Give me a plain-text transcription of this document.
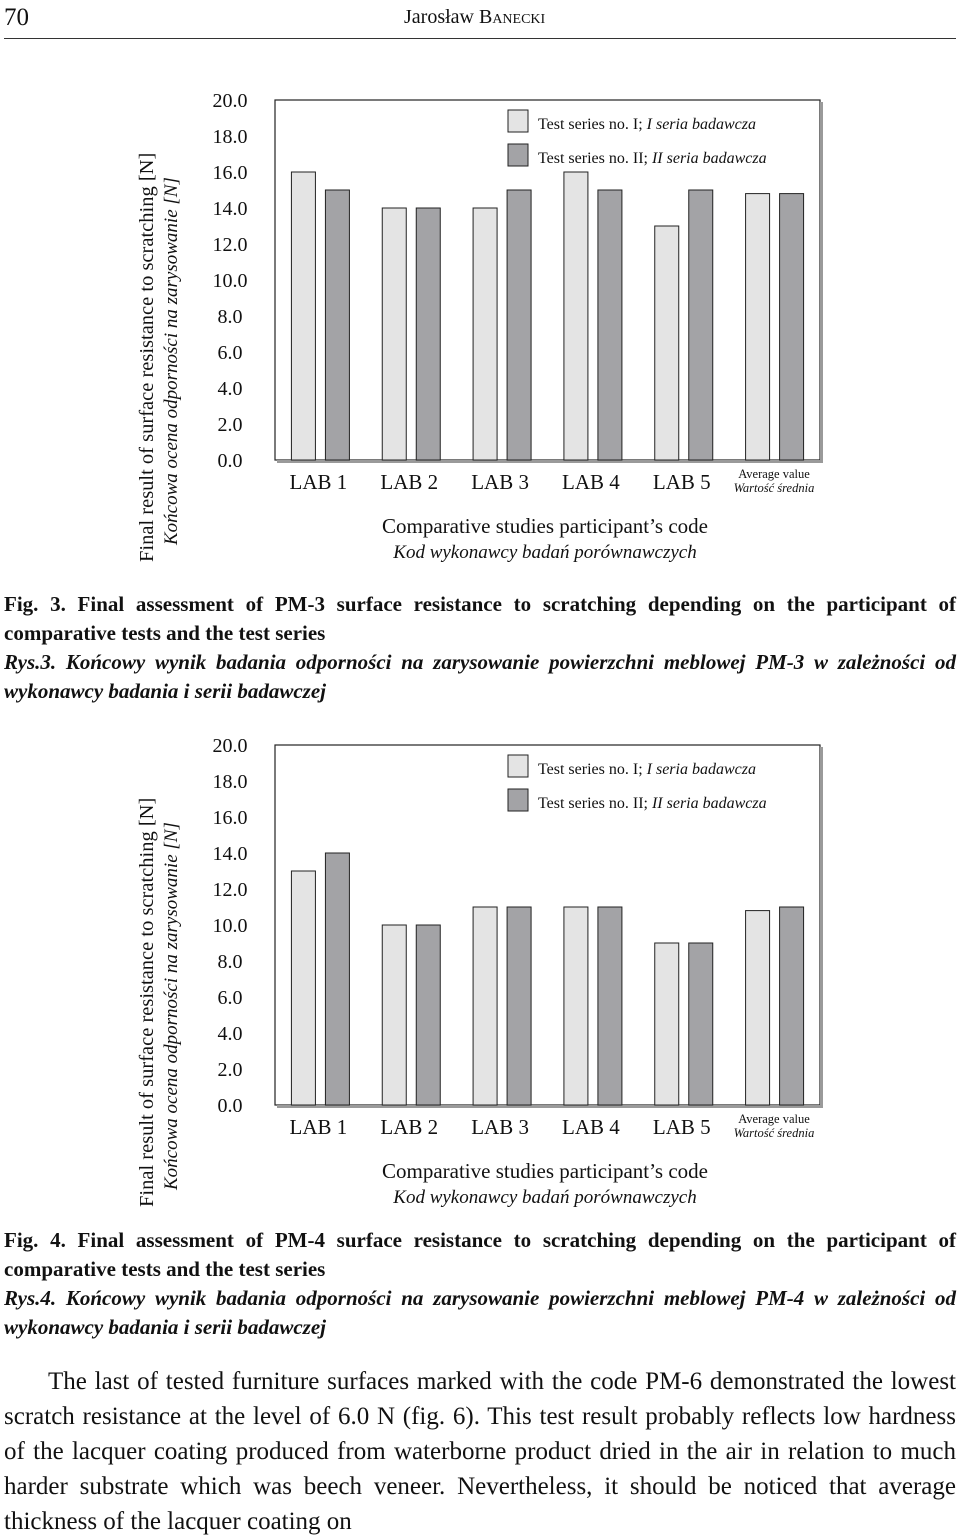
70	Jarosław Banecki
Final result of surface resistance to scratching [N] Końcowa ocena odporności na zarysowanie [N] 0.0
2.0
4.0
6.0
8.0
10.0
12.0
14.0
16.0
18.0
20.0
Test series no. I; I seria badawcza
Test series no. II; II seria badawcza
LAB 1 LAB 2 LAB 3 LAB 4 LAB 5 Average value
Wartość średnia
Comparative studies participant’s code
Kod wykonawcy badań porównawczych
Fig. 3. Final assessment of PM-3 surface resistance to scratching depending on the participant of comparative tests and the test series
Rys.3. Końcowy wynik badania odporności na zarysowanie powierzchni meblowej PM-3 w zależności od wykonawcy badania i serii badawczej
Final result of surface resistance to scratching [N] Końcowa ocena odporności na zarysowanie [N] 0.0
2.0
4.0
6.0
8.0
10.0
12.0
14.0
16.0
18.0
20.0
Test series no. I; I seria badawcza
Test series no. II; II seria badawcza
LAB 1 LAB 2 LAB 3 LAB 4 LAB 5 Average value
Wartość średnia
Comparative studies participant’s code
Kod wykonawcy badań porównawczych
Fig. 4. Final assessment of PM-4 surface resistance to scratching depending on the participant of comparative tests and the test series
Rys.4. Końcowy wynik badania odporności na zarysowanie powierzchni meblowej PM-4 w zależności od wykonawcy badania i serii badawczej

The last of tested furniture surfaces marked with the code PM-6 demonstrated the lowest scratch resistance at the level of 6.0 N (fig. 6). This test result probably reflects low hardness of the lacquer coating produced from waterborne product dried in the air in relation to much harder substrate which was beech veneer. Nevertheless, it should be noticed that average thickness of the lacquer coating on
